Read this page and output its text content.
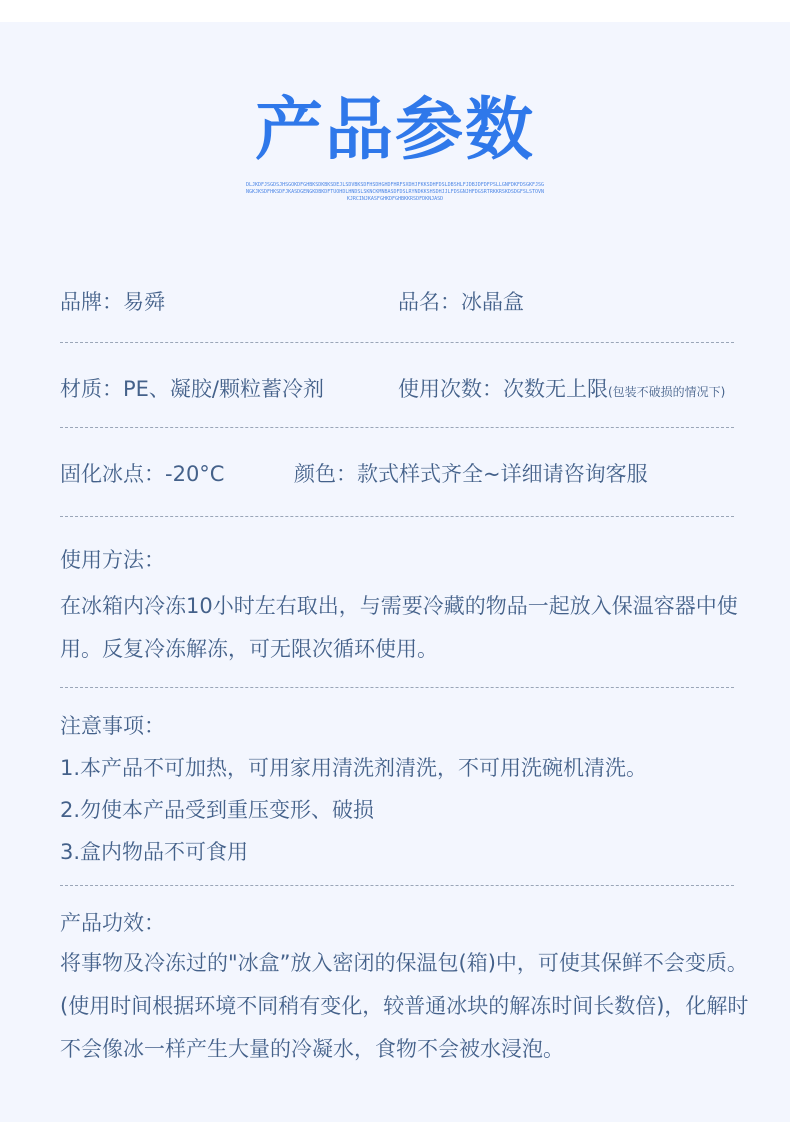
产品参数
DLJKDFJSGDSJHSGOKDFGHBKSDKBKSDEJLSDVBKSDFHSDHGHDFHRFSXDHJFKKSDHFDSLDBSHLFJDBJDFDFPSLLGNFDKFDSGKFJSGNGKJKSDFHKSDFJKASDGENGKDBKDFTUOHDLHNDSLSKNCKMNBASDFDSLRYNDKKSHSDHJJLFDSGNJHFDGSRTRKKRSKDSDGFSLSTOVNKJRCINJKASFGHKDFGHBKKRSDFDKNJASD
品牌：易舜	品名：冰晶盒
材质：PE、凝胶/颗粒蓄冷剂	使用次数：次数无上限(包装不破损的情况下)
固化冰点：-20°C	颜色：款式样式齐全~详细请咨询客服
使用方法：

在冰箱内冷冻10小时左右取出，与需要冷藏的物品一起放入保温容器中使用。反复冷冻解冻，可无限次循环使用。

注意事项：
1.本产品不可加热，可用家用清洗剂清洗，不可用洗碗机清洗。
2.勿使本产品受到重压变形、破损
3.盒内物品不可食用
产品功效：

将事物及冷冻过的"冰盒”放入密闭的保温包(箱)中，可使其保鲜不会变质。(使用时间根据环境不同稍有变化，较普通冰块的解冻时间长数倍)，化解时不会像冰一样产生大量的冷凝水，食物不会被水浸泡。
